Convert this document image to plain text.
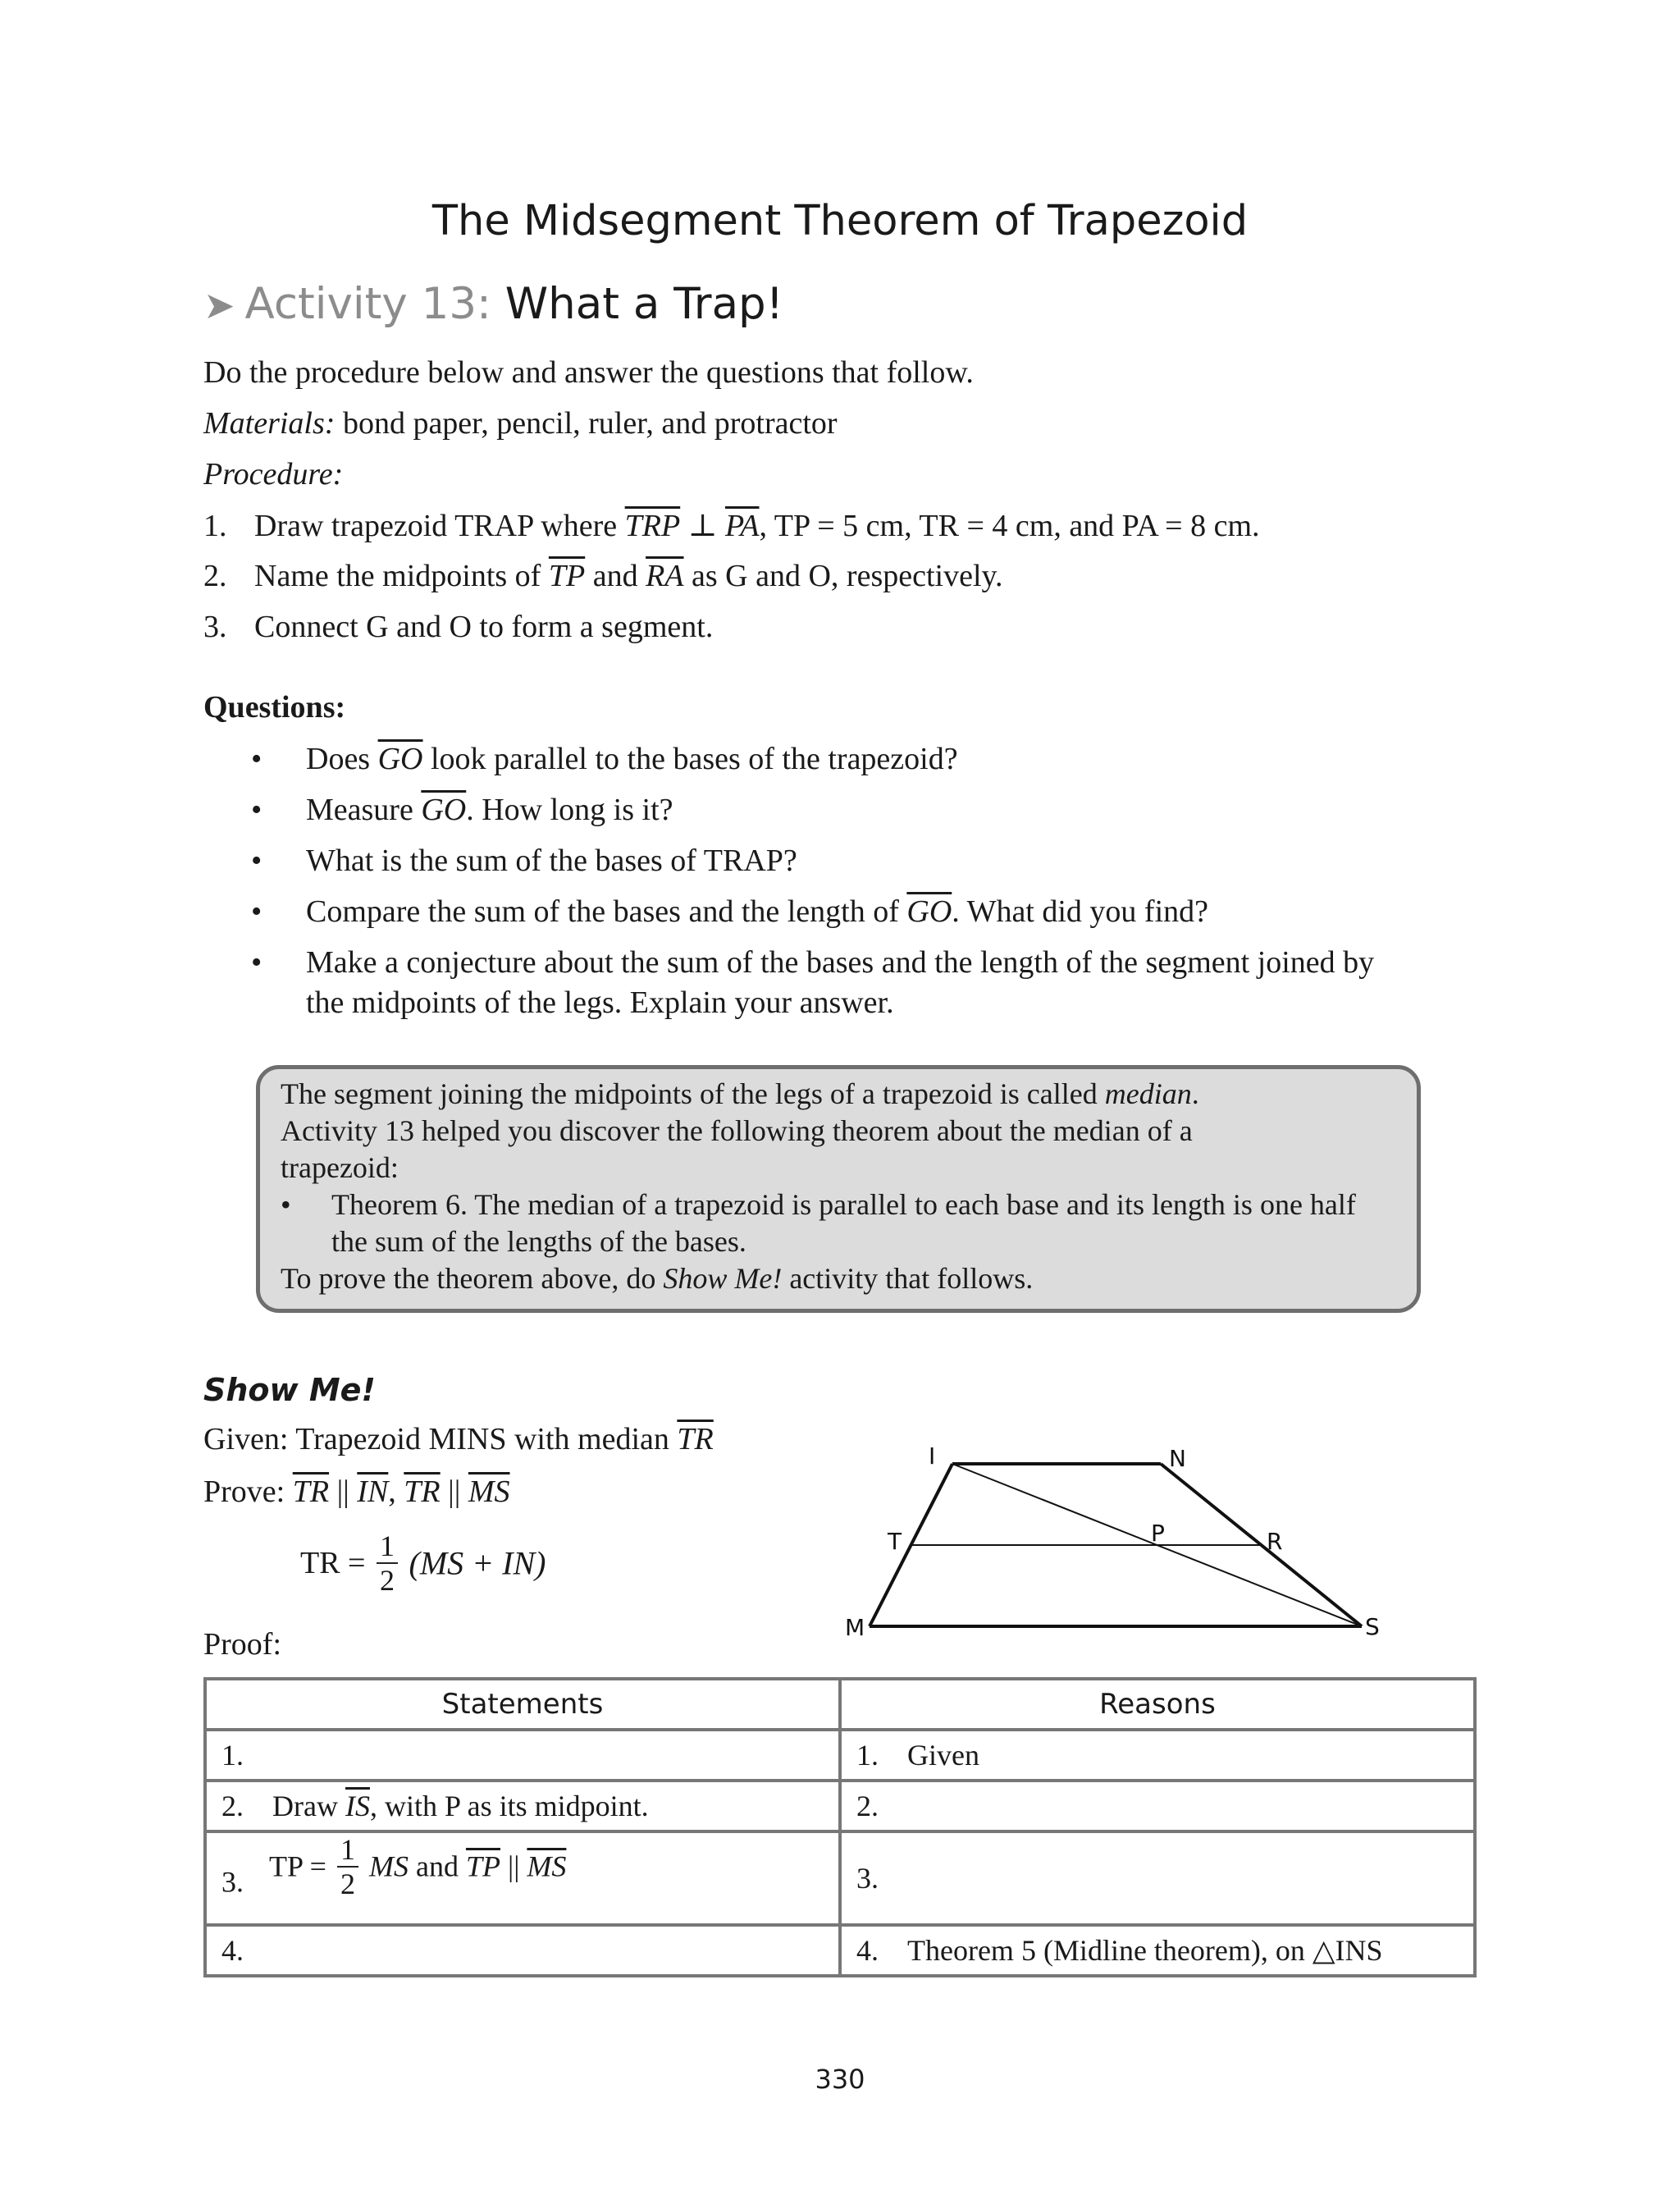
The Midsegment Theorem of Trapezoid
➤ Activity 13: What a Trap!
Do the procedure below and answer the questions that follow.
Materials: bond paper, pencil, ruler, and protractor
Procedure:
1. Draw trapezoid TRAP where $\overline{TRP}$ ⊥ $\overline{PA}$, TP = 5 cm, TR = 4 cm, and PA = 8 cm.
2. Name the midpoints of $\overline{TP}$ and $\overline{RA}$ as G and O, respectively.
3. Connect G and O to form a segment.
Questions:
• Does $\overline{GO}$ look parallel to the bases of the trapezoid?
• Measure $\overline{GO}$. How long is it?
• What is the sum of the bases of TRAP?
• Compare the sum of the bases and the length of $\overline{GO}$. What did you find?
• Make a conjecture about the sum of the bases and the length of the segment joined by
the midpoints of the legs. Explain your answer.
The segment joining the midpoints of the legs of a trapezoid is called median.
Activity 13 helped you discover the following theorem about the median of a
trapezoid:
• Theorem 6. The median of a trapezoid is parallel to each base and its length is one half
the sum of the lengths of the bases.
To prove the theorem above, do Show Me! activity that follows.
Show Me!
Given: Trapezoid MINS with median $\overline{TR}$
Prove: $\overline{TR}$ || $\overline{IN}$, $\overline{TR}$ || $\overline{MS}$
TR = $\frac{1}{2} (MS + IN)$
Proof:
I	N
T	P	R
M	S
Statements	Reasons
1.	1. Given
2. Draw $\overline{IS}$, with P as its midpoint.	2.
3. TP = $\frac{1}{2}$ MS and $\overline{TP}$ || $\overline{MS}$	3.
4.	4. Theorem 5 (Midline theorem), on △INS
330
